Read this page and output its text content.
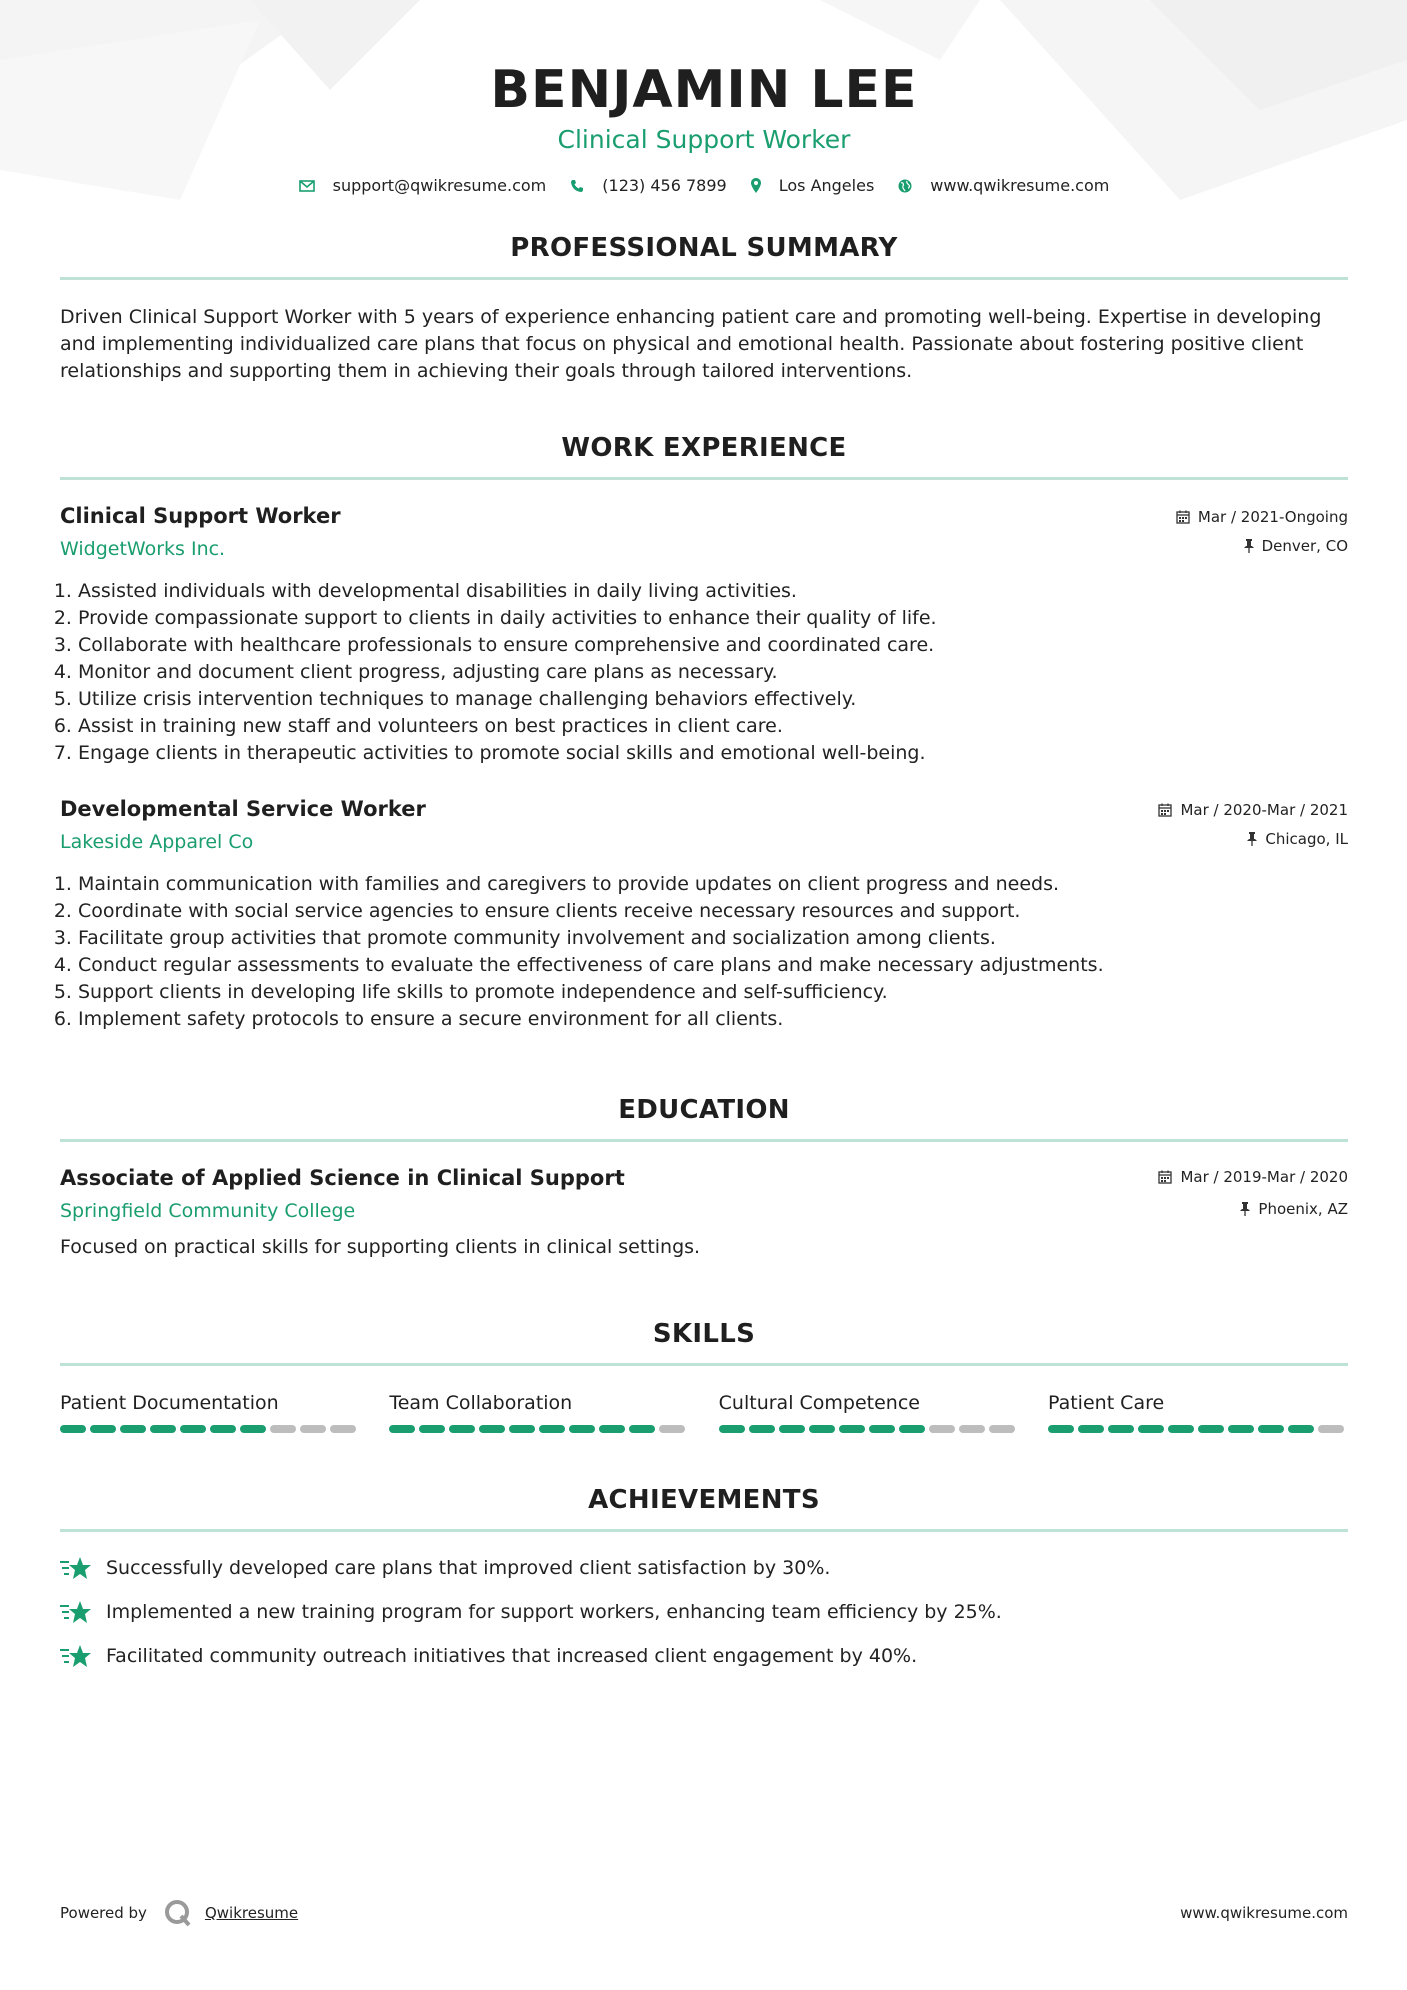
BENJAMIN LEE
Clinical Support Worker
support@qwikresume.com	(123) 456 7899	Los Angeles	www.qwikresume.com
PROFESSIONAL SUMMARY

Driven Clinical Support Worker with 5 years of experience enhancing patient care and promoting well-being. Expertise in developing and implementing individualized care plans that focus on physical and emotional health. Passionate about fostering positive client relationships and supporting them in achieving their goals through tailored interventions.

WORK EXPERIENCE
Clinical Support Worker
WidgetWorks Inc.
Mar / 2021-Ongoing
Denver, CO
1. Assisted individuals with developmental disabilities in daily living activities.
2. Provide compassionate support to clients in daily activities to enhance their quality of life.
3. Collaborate with healthcare professionals to ensure comprehensive and coordinated care.
4. Monitor and document client progress, adjusting care plans as necessary.
5. Utilize crisis intervention techniques to manage challenging behaviors effectively.
6. Assist in training new staff and volunteers on best practices in client care.
7. Engage clients in therapeutic activities to promote social skills and emotional well-being.
Developmental Service Worker
Lakeside Apparel Co
Mar / 2020-Mar / 2021
Chicago, IL
1. Maintain communication with families and caregivers to provide updates on client progress and needs.
2. Coordinate with social service agencies to ensure clients receive necessary resources and support.
3. Facilitate group activities that promote community involvement and socialization among clients.
4. Conduct regular assessments to evaluate the effectiveness of care plans and make necessary adjustments.
5. Support clients in developing life skills to promote independence and self-sufficiency.
6. Implement safety protocols to ensure a secure environment for all clients.
EDUCATION
Associate of Applied Science in Clinical Support
Springfield Community College
Mar / 2019-Mar / 2020
Phoenix, AZ
Focused on practical skills for supporting clients in clinical settings.
SKILLS
Patient Documentation	Team Collaboration	Cultural Competence	Patient Care
ACHIEVEMENTS
Successfully developed care plans that improved client satisfaction by 30%.
Implemented a new training program for support workers, enhancing team efficiency by 25%.
Facilitated community outreach initiatives that increased client engagement by 40%.
Powered by	Qwikresume	www.qwikresume.com
